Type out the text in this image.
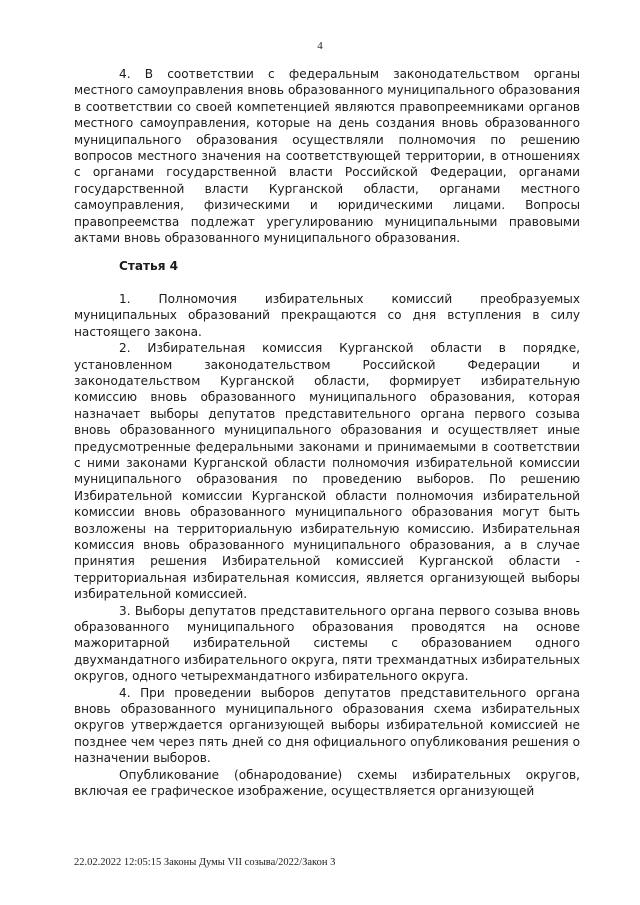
4

4. В соответствии с федеральным законодательством органы местного самоуправления вновь образованного муниципального образования в соответствии со своей компетенцией являются правопреемниками органов местного самоуправления, которые на день создания вновь образованного муниципального образования осуществляли полномочия по решению вопросов местного значения на соответствующей территории, в отношениях с органами государственной власти Российской Федерации, органами государственной власти Курганской области, органами местного самоуправления, физическими и юридическими лицами. Вопросы правопреемства подлежат урегулированию муниципальными правовыми актами вновь образованного муниципального образования.

Статья 4

1. Полномочия избирательных комиссий преобразуемых муниципальных образований прекращаются со дня вступления в силу настоящего закона.

2. Избирательная комиссия Курганской области в порядке, установленном законодательством Российской Федерации и законодательством Курганской области, формирует избирательную комиссию вновь образованного муниципального образования, которая назначает выборы депутатов представительного органа первого созыва вновь образованного муниципального образования и осуществляет иные предусмотренные федеральными законами и принимаемыми в соответствии с ними законами Курганской области полномочия избирательной комиссии муниципального образования по проведению выборов. По решению Избирательной комиссии Курганской области полномочия избирательной комиссии вновь образованного муниципального образования могут быть возложены на территориальную избирательную комиссию. Избирательная комиссия вновь образованного муниципального образования, а в случае принятия решения Избирательной комиссией Курганской области - территориальная избирательная комиссия, является организующей выборы избирательной комиссией.

3. Выборы депутатов представительного органа первого созыва вновь образованного муниципального образования проводятся на основе мажоритарной избирательной системы с образованием одного двухмандатного избирательного округа, пяти трехмандатных избирательных округов, одного четырехмандатного избирательного округа.

4. При проведении выборов депутатов представительного органа вновь образованного муниципального образования схема избирательных округов утверждается организующей выборы избирательной комиссией не позднее чем через пять дней со дня официального опубликования решения о назначении выборов.

Опубликование (обнародование) схемы избирательных округов, включая ее графическое изображение, осуществляется организующей

22.02.2022 12:05:15 Законы Думы VII созыва/2022/Закон 3
